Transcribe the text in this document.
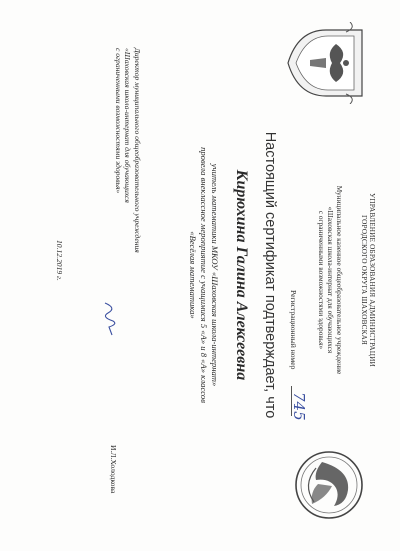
УПРАВЛЕНИЕ ОБРАЗОВАНИЯ АДМИНИСТРАЦИИ
ГОРОДСКОГО ОКРУГА ШАХОВСКАЯ
Муниципальное казенное общеобразовательное учреждение
«Шаховская школа-интернат для обучающихся
с ограниченными возможностями здоровья»
Регистрационный номер
745
Настоящий сертификат подтверждает, что
Кирюхина Галина Алексеевна
учитель математики МКОУ «Шаховская школа-интернат»
провела внеклассное мероприятие с учащимися 5 «А» и 8 «А» классов
«Весёлая математика»
Директор муниципального общеобразовательного учреждения
«Шаховская школа-интернат для обучающихся
с ограниченными возможностями здоровья»
И.Л.Холодкова
10.12.2019 г.
